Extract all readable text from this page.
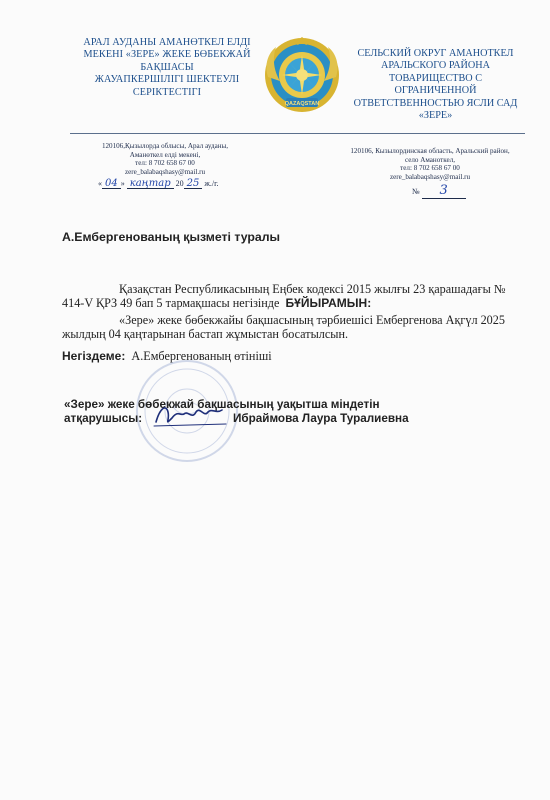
АРАЛ АУДАНЫ АМАНӨТКЕЛ ЕЛДІ
МЕКЕНІ «ЗЕРЕ» ЖЕКЕ БӨБЕКЖАЙ
БАҚШАСЫ
ЖАУАПКЕРШІЛІГІ ШЕКТЕУЛІ
СЕРІКТЕСТІГІ
QAZAQSTAN
СЕЛЬСКИЙ ОКРУГ АМАНОТКЕЛ
АРАЛЬСКОГО РАЙОНА
ТОВАРИЩЕСТВО С
ОГРАНИЧЕННОЙ
ОТВЕТСТВЕННОСТЬЮ ЯСЛИ САД
«ЗЕРЕ»
120106,Қызылорда облысы, Арал ауданы,
Аманөткел елді мекені,
тел: 8 702 658 67 00
zere_balabaqshasy@mail.ru
120106, Кызылординская область, Аральский район,
село Аманоткел,
тел: 8 702 658 67 00
zere_balabaqshasy@mail.ru
« 04 » каңтар 20 25 ж./г.
№ 3
А.Ембергенованың қызметі туралы
Қазақстан Республикасының Еңбек кодексі 2015 жылғы 23 қарашадағы № 414-V ҚРЗ 49 бап 5 тармақшасы негізінде БҰЙЫРАМЫН:
«Зере» жеке бөбекжайы бақшасының тәрбиешісі Ембергенова Ақгүл 2025 жылдың 04 қаңтарынан бастап жұмыстан босатылсын.
Негіздеме: А.Ембергенованың өтініші
«Зере» жеке бөбекжай бақшасының уақытша міндетін
атқарушысы:	Ибраймова Лаура Туралиевна
